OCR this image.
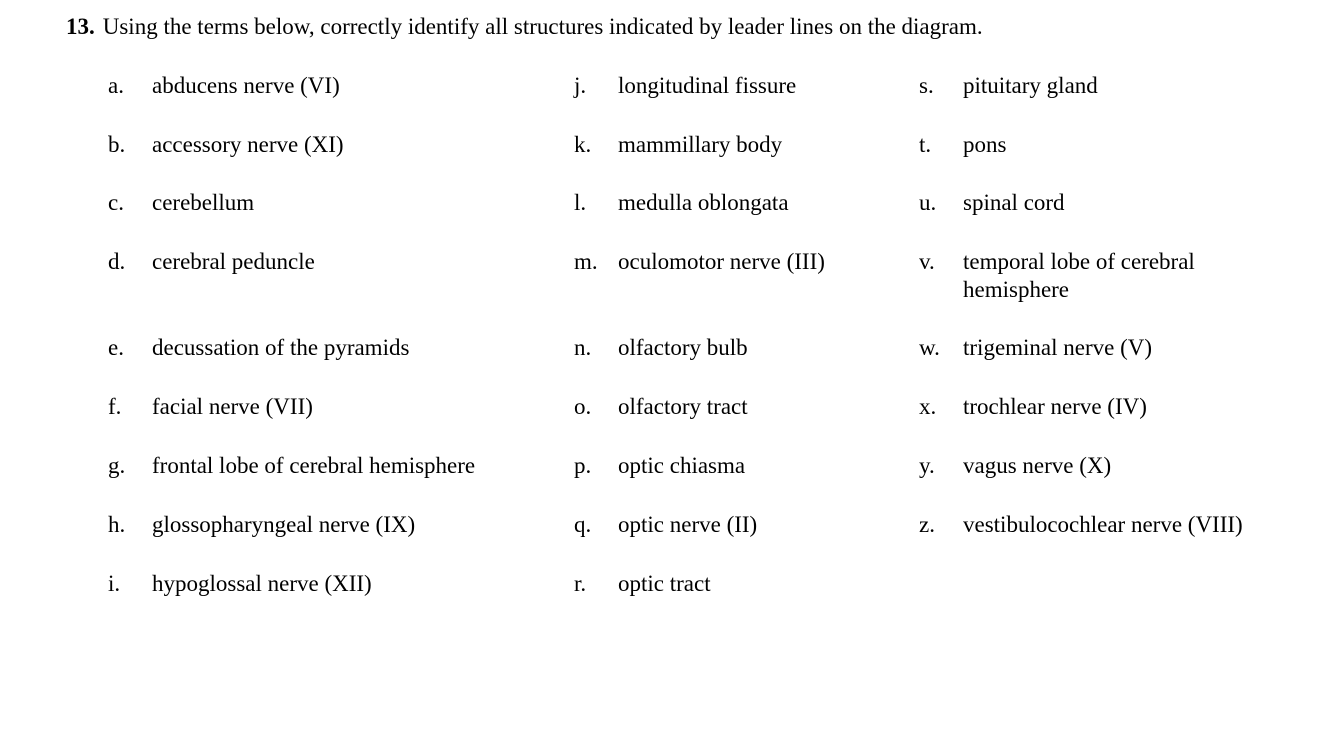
13. Using the terms below, correctly identify all structures indicated by leader lines on the diagram.
a. abducens nerve (VI)
b. accessory nerve (XI)
c. cerebellum
d. cerebral peduncle
e. decussation of the pyramids
f. facial nerve (VII)
g. frontal lobe of cerebral hemisphere
h. glossopharyngeal nerve (IX)
i. hypoglossal nerve (XII)
j. longitudinal fissure
k. mammillary body
l. medulla oblongata
m. oculomotor nerve (III)
n. olfactory bulb
o. olfactory tract
p. optic chiasma
q. optic nerve (II)
r. optic tract
s. pituitary gland
t. pons
u. spinal cord
v. temporal lobe of cerebral hemisphere
w. trigeminal nerve (V)
x. trochlear nerve (IV)
y. vagus nerve (X)
z. vestibulocochlear nerve (VIII)
